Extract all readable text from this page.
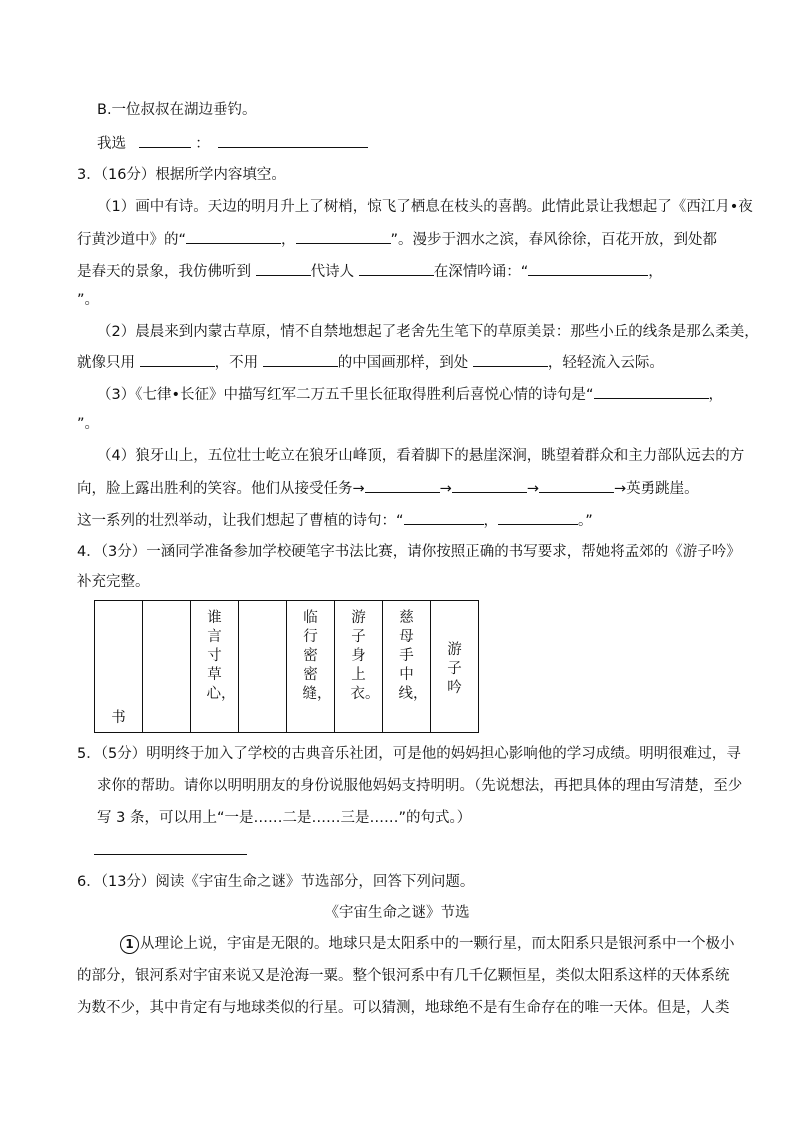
B.一位叔叔在湖边垂钓。
我选	：
3．（16分）根据所学内容填空。
（1）画中有诗。天边的明月升上了树梢，惊飞了栖息在枝头的喜鹊。此情此景让我想起了《西江月•夜
行黄沙道中》的“	，	”。漫步于泗水之滨，春风徐徐，百花开放，到处都
是春天的景象，我仿佛听到	代诗人	在深情吟诵：“	，
”。
（2）晨晨来到内蒙古草原，情不自禁地想起了老舍先生笔下的草原美景：那些小丘的线条是那么柔美，
就像只用	，不用	的中国画那样，到处	，轻轻流入云际。
（3）《七律•长征》中描写红军二万五千里长征取得胜利后喜悦心情的诗句是“	，
”。
（4）狼牙山上，五位壮士屹立在狼牙山峰顶，看着脚下的悬崖深涧，眺望着群众和主力部队远去的方
向，脸上露出胜利的笑容。他们从接受任务→	→	→	→英勇跳崖。
这一系列的壮烈举动，让我们想起了曹植的诗句：“	，	。”
4．（3分）一涵同学准备参加学校硬笔字书法比赛，请你按照正确的书写要求，帮她将孟郊的《游子吟》
补充完整。
书		谁言寸草心，		临行密密缝，	游子身上衣。	慈母手中线，	游子吟
5．（5分）明明终于加入了学校的古典音乐社团，可是他的妈妈担心影响他的学习成绩。明明很难过，寻
求你的帮助。请你以明明朋友的身份说服他妈妈支持明明。（先说想法，再把具体的理由写清楚，至少
写 3 条，可以用上“一是……二是……三是……”的句式。）
6．（13分）阅读《宇宙生命之谜》节选部分，回答下列问题。
《宇宙生命之谜》节选
1 从理论上说，宇宙是无限的。地球只是太阳系中的一颗行星，而太阳系只是银河系中一个极小
的部分，银河系对宇宙来说又是沧海一粟。整个银河系中有几千亿颗恒星，类似太阳系这样的天体系统
为数不少，其中肯定有与地球类似的行星。可以猜测，地球绝不是有生命存在的唯一天体。但是，人类
